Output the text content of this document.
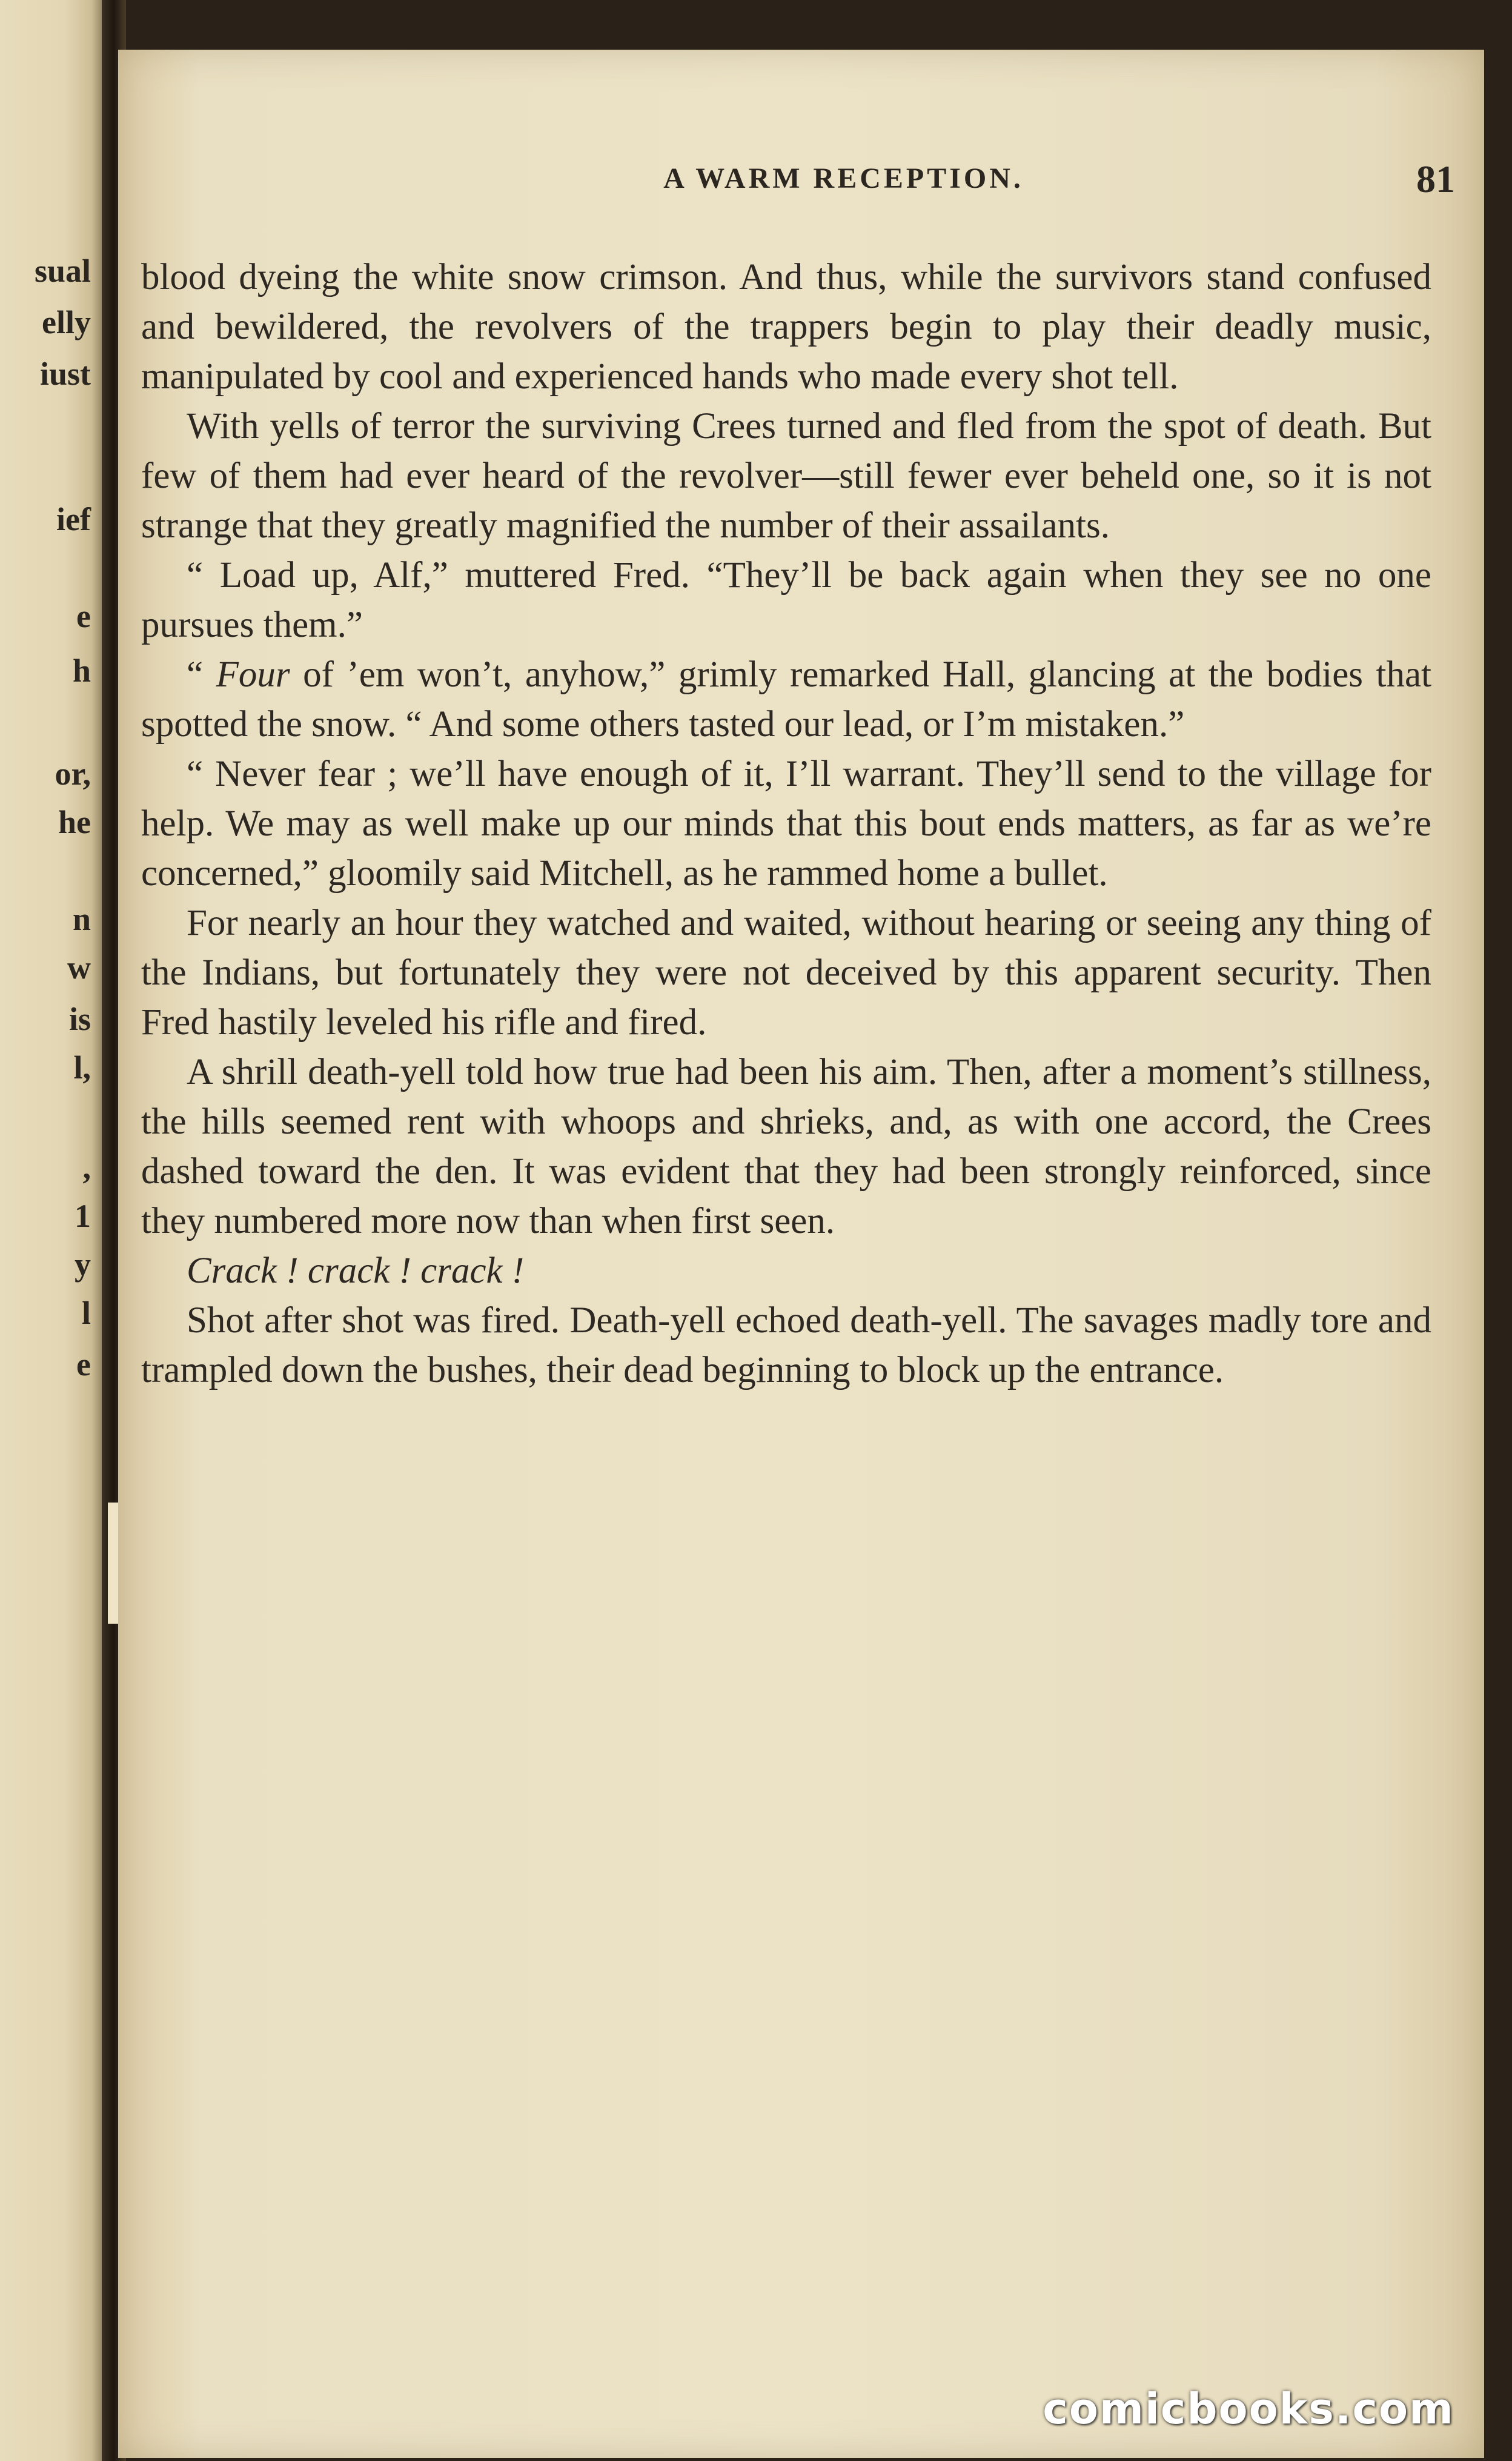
sual
elly
iust
ief
e
h
or,
he
n
w
is
l,
,
1
y
l
e
A WARM RECEPTION.	81

blood dyeing the white snow crimson. And thus, while the survivors stand confused and bewildered, the revolvers of the trappers begin to play their deadly music, manipulated by cool and experienced hands who made every shot tell.

With yells of terror the surviving Crees turned and fled from the spot of death. But few of them had ever heard of the revolver—still fewer ever beheld one, so it is not strange that they greatly magnified the number of their assailants.

“ Load up, Alf,” muttered Fred. “They’ll be back again when they see no one pursues them.”

“ Four of ’em won’t, anyhow,” grimly remarked Hall, glancing at the bodies that spotted the snow. “ And some others tasted our lead, or I’m mistaken.”

“ Never fear ; we’ll have enough of it, I’ll warrant. They’ll send to the village for help. We may as well make up our minds that this bout ends matters, as far as we’re concerned,” gloomily said Mitchell, as he rammed home a bullet.

For nearly an hour they watched and waited, without hearing or seeing any thing of the Indians, but fortunately they were not deceived by this apparent security. Then Fred hastily leveled his rifle and fired.

A shrill death-yell told how true had been his aim. Then, after a moment’s stillness, the hills seemed rent with whoops and shrieks, and, as with one accord, the Crees dashed toward the den. It was evident that they had been strongly reinforced, since they numbered more now than when first seen.

Crack ! crack ! crack !

Shot after shot was fired. Death-yell echoed death-yell. The savages madly tore and trampled down the bushes, their dead beginning to block up the entrance.

comicbooks.com
